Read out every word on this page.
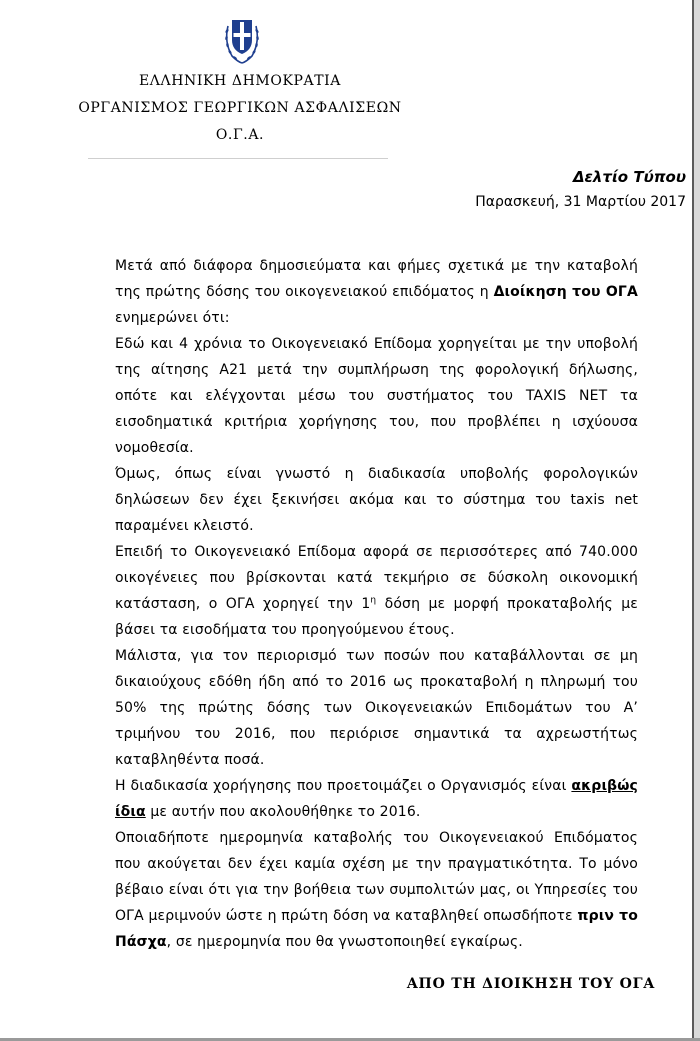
ΕΛΛΗΝΙΚΗ ΔΗΜΟΚΡΑΤΙΑ
ΟΡΓΑΝΙΣΜΟΣ ΓΕΩΡΓΙΚΩΝ ΑΣΦΑΛΙΣΕΩΝ
Ο.Γ.Α.
Δελτίο Τύπου
Παρασκευή, 31 Μαρτίου 2017

Μετά από διάφορα δημοσιεύματα και φήμες σχετικά με την καταβολή της πρώτης δόσης του οικογενειακού επιδόματος η Διοίκηση του ΟΓΑ ενημερώνει ότι:

Εδώ και 4 χρόνια το Οικογενειακό Επίδομα χορηγείται με την υποβολή της αίτησης Α21 μετά την συμπλήρωση της φορολογική δήλωσης, οπότε και ελέγχονται μέσω του συστήματος του TAXIS NET τα εισοδηματικά κριτήρια χορήγησης του, που προβλέπει η ισχύουσα νομοθεσία.

Όμως, όπως είναι γνωστό η διαδικασία υποβολής φορολογικών δηλώσεων δεν έχει ξεκινήσει ακόμα και το σύστημα του taxis net παραμένει κλειστό.

Επειδή το Οικογενειακό Επίδομα αφορά σε περισσότερες από 740.000 οικογένειες που βρίσκονται κατά τεκμήριο σε δύσκολη οικονομική κατάσταση, ο ΟΓΑ χορηγεί την $1^\eta$ δόση με μορφή προκαταβολής με βάσει τα εισοδήματα του προηγούμενου έτους.

Μάλιστα, για τον περιορισμό των ποσών που καταβάλλονται σε μη δικαιούχους εδόθη ήδη από το 2016 ως προκαταβολή η πληρωμή του 50% της πρώτης δόσης των Οικογενειακών Επιδομάτων του Α’ τριμήνου του 2016, που περιόρισε σημαντικά τα αχρεωστήτως καταβληθέντα ποσά.

Η διαδικασία χορήγησης που προετοιμάζει ο Οργανισμός είναι ακριβώς ίδια με αυτήν που ακολουθήθηκε το 2016.

Οποιαδήποτε ημερομηνία καταβολής του Οικογενειακού Επιδόματος που ακούγεται δεν έχει καμία σχέση με την πραγματικότητα. Το μόνο βέβαιο είναι ότι για την βοήθεια των συμπολιτών μας, οι Υπηρεσίες του ΟΓΑ μεριμνούν ώστε η πρώτη δόση να καταβληθεί οπωσδήποτε πριν το Πάσχα, σε ημερομηνία που θα γνωστοποιηθεί εγκαίρως.

ΑΠΟ ΤΗ ΔΙΟΙΚΗΣΗ ΤΟΥ ΟΓΑ
